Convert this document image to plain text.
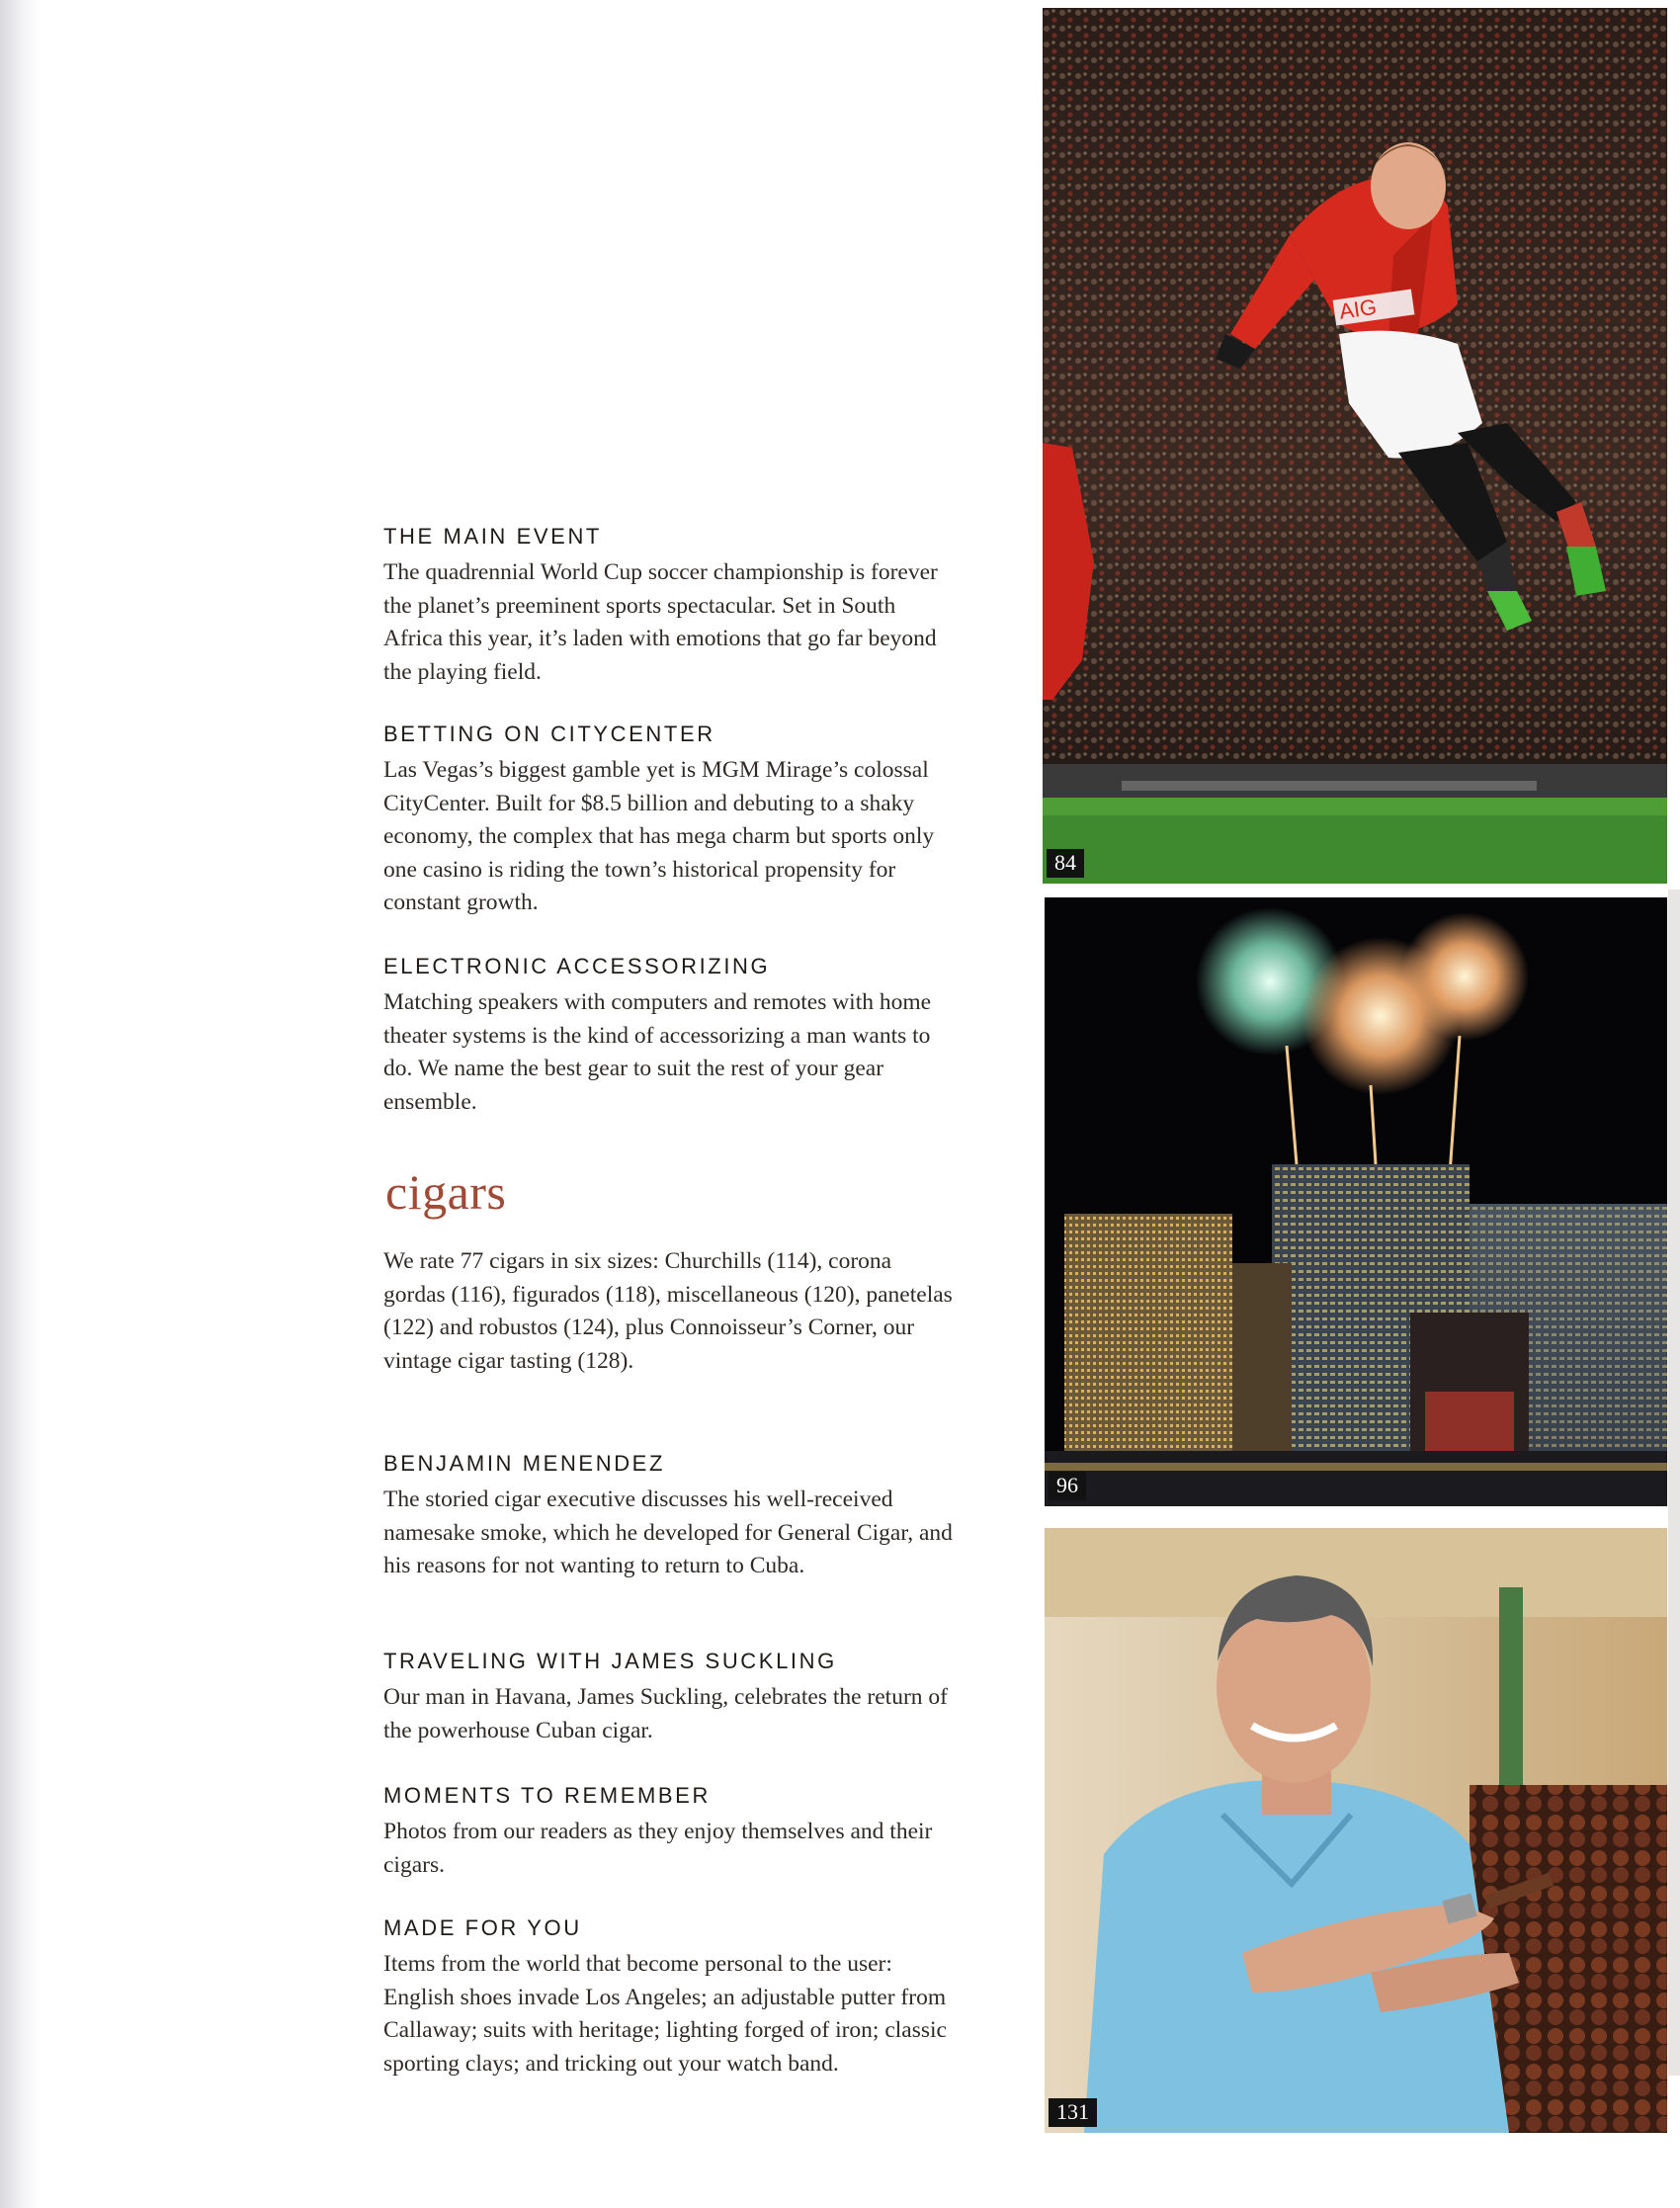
THE MAIN EVENT
The quadrennial World Cup soccer championship is forever the planet’s preeminent sports spectacular. Set in South Africa this year, it’s laden with emotions that go far beyond the playing field.
BETTING ON CITYCENTER
Las Vegas’s biggest gamble yet is MGM Mirage’s colossal CityCenter. Built for $8.5 billion and debuting to a shaky economy, the complex that has mega charm but sports only one casino is riding the town’s historical propensity for constant growth.
ELECTRONIC ACCESSORIZING
Matching speakers with computers and remotes with home theater systems is the kind of accessorizing a man wants to do. We name the best gear to suit the rest of your gear ensemble.
cigars
We rate 77 cigars in six sizes: Churchills (114), corona gordas (116), figurados (118), miscellaneous (120), panetelas (122) and robustos (124), plus Connoisseur’s Corner, our vintage cigar tasting (128).
BENJAMIN MENENDEZ
The storied cigar executive discusses his well-received namesake smoke, which he developed for General Cigar, and his reasons for not wanting to return to Cuba.
TRAVELING WITH JAMES SUCKLING
Our man in Havana, James Suckling, celebrates the return of the powerhouse Cuban cigar.
MOMENTS TO REMEMBER
Photos from our readers as they enjoy themselves and their cigars.
MADE FOR YOU
Items from the world that become personal to the user: English shoes invade Los Angeles; an adjustable putter from Callaway; suits with heritage; lighting forged of iron; classic sporting clays; and tricking out your watch band.
AIG
84
96
131
